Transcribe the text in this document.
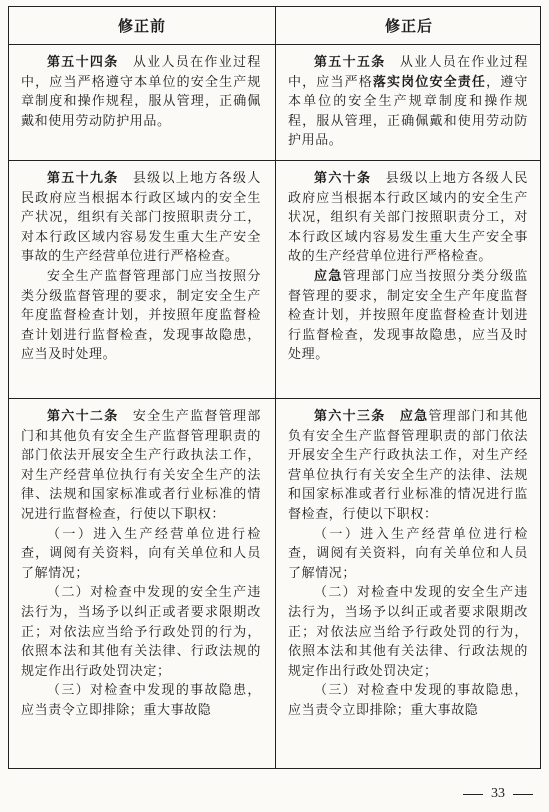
修正前	修正后

第五十四条　从业人员在作业过程中，应当严格遵守本单位的安全生产规章制度和操作规程，服从管理，正确佩戴和使用劳动防护用品。

第五十五条　从业人员在作业过程中，应当严格落实岗位安全责任，遵守本单位的安全生产规章制度和操作规程，服从管理，正确佩戴和使用劳动防护用品。

第五十九条　县级以上地方各级人民政府应当根据本行政区域内的安全生产状况，组织有关部门按照职责分工，对本行政区域内容易发生重大生产安全事故的生产经营单位进行严格检查。

安全生产监督管理部门应当按照分类分级监督管理的要求，制定安全生产年度监督检查计划，并按照年度监督检查计划进行监督检查，发现事故隐患，应当及时处理。

第六十条　县级以上地方各级人民政府应当根据本行政区域内的安全生产状况，组织有关部门按照职责分工，对本行政区域内容易发生重大生产安全事故的生产经营单位进行严格检查。

应急管理部门应当按照分类分级监督管理的要求，制定安全生产年度监督检查计划，并按照年度监督检查计划进行监督检查，发现事故隐患，应当及时处理。

第六十二条　安全生产监督管理部门和其他负有安全生产监督管理职责的部门依法开展安全生产行政执法工作，对生产经营单位执行有关安全生产的法律、法规和国家标准或者行业标准的情况进行监督检查，行使以下职权：

（一）进入生产经营单位进行检查，调阅有关资料，向有关单位和人员了解情况；

（二）对检查中发现的安全生产违法行为，当场予以纠正或者要求限期改正；对依法应当给予行政处罚的行为，依照本法和其他有关法律、行政法规的规定作出行政处罚决定；

（三）对检查中发现的事故隐患，应当责令立即排除；重大事故隐

第六十三条　 应急管理部门和其他负有安全生产监督管理职责的部门依法开展安全生产行政执法工作，对生产经营单位执行有关安全生产的法律、法规和国家标准或者行业标准的情况进行监督检查，行使以下职权：

（一）进入生产经营单位进行检查，调阅有关资料，向有关单位和人员了解情况；

（二）对检查中发现的安全生产违法行为，当场予以纠正或者要求限期改正；对依法应当给予行政处罚的行为，依照本法和其他有关法律、行政法规的规定作出行政处罚决定；

（三）对检查中发现的事故隐患，应当责令立即排除；重大事故隐

33
